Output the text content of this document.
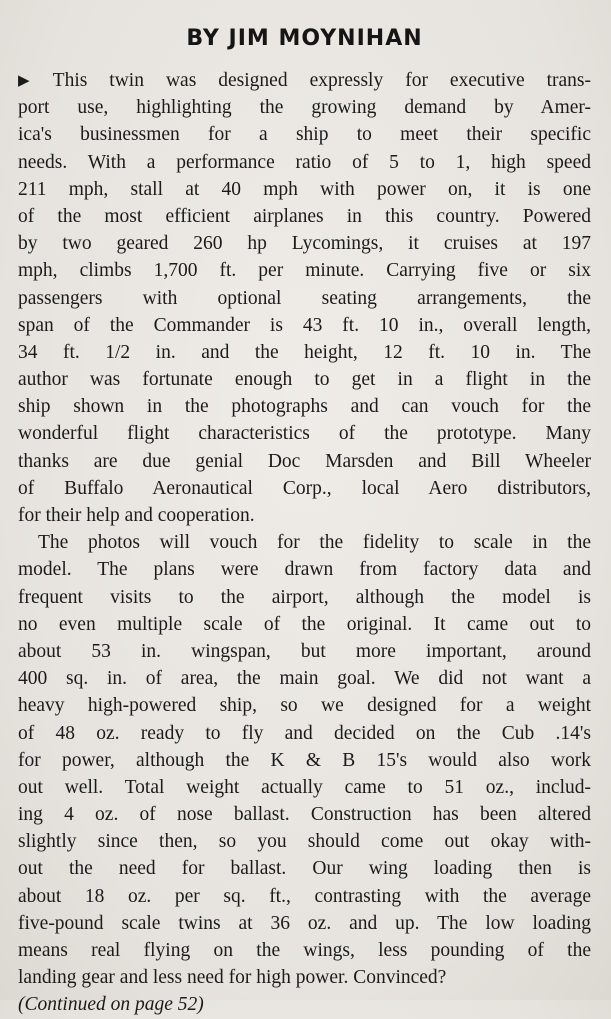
BY JIM MOYNIHAN
▶ This twin was designed expressly for executive trans-
port use, highlighting the growing demand by Amer-
ica's businessmen for a ship to meet their specific
needs. With a performance ratio of 5 to 1, high speed
211 mph, stall at 40 mph with power on, it is one
of the most efficient airplanes in this country. Powered
by two geared 260 hp Lycomings, it cruises at 197
mph, climbs 1,700 ft. per minute. Carrying five or six
passengers with optional seating arrangements, the
span of the Commander is 43 ft. 10 in., overall length,
34 ft. 1/2 in. and the height, 12 ft. 10 in. The
author was fortunate enough to get in a flight in the
ship shown in the photographs and can vouch for the
wonderful flight characteristics of the prototype. Many
thanks are due genial Doc Marsden and Bill Wheeler
of Buffalo Aeronautical Corp., local Aero distributors,
for their help and cooperation.
The photos will vouch for the fidelity to scale in the
model. The plans were drawn from factory data and
frequent visits to the airport, although the model is
no even multiple scale of the original. It came out to
about 53 in. wingspan, but more important, around
400 sq. in. of area, the main goal. We did not want a
heavy high-powered ship, so we designed for a weight
of 48 oz. ready to fly and decided on the Cub .14's
for power, although the K & B 15's would also work
out well. Total weight actually came to 51 oz., includ-
ing 4 oz. of nose ballast. Construction has been altered
slightly since then, so you should come out okay with-
out the need for ballast. Our wing loading then is
about 18 oz. per sq. ft., contrasting with the average
five-pound scale twins at 36 oz. and up. The low loading
means real flying on the wings, less pounding of the
landing gear and less need for high power. Convinced?
(Continued on page 52)
